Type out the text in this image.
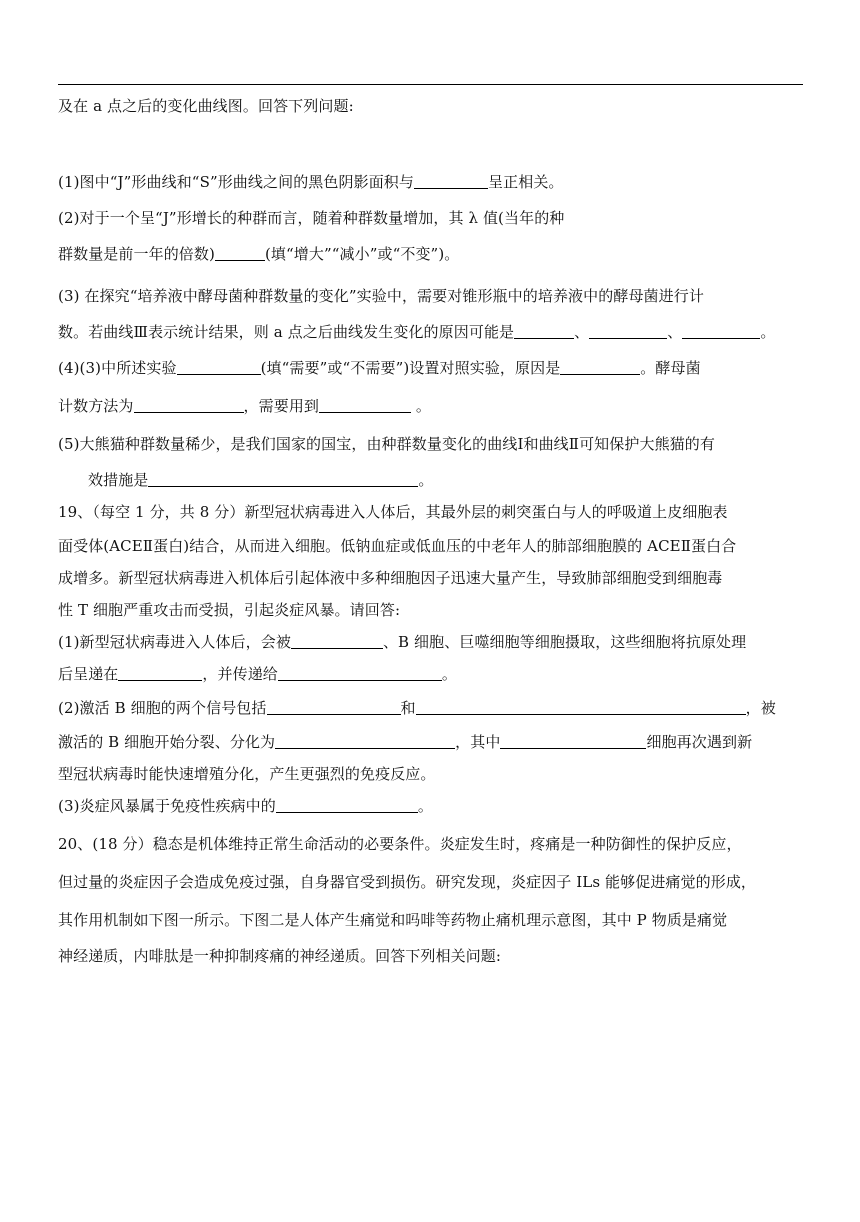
及在 a 点之后的变化曲线图。回答下列问题:
(1)图中“J”形曲线和“S”形曲线之间的黑色阴影面积与	呈正相关。
(2)对于一个呈“J”形增长的种群而言，随着种群数量增加，其 λ 值(当年的种
群数量是前一年的倍数)	(填“增大”“减小”或“不变”)。
(3) 在探究“培养液中酵母菌种群数量的变化”实验中，需要对锥形瓶中的培养液中的酵母菌进行计
数。若曲线Ⅲ表示统计结果，则 a 点之后曲线发生变化的原因可能是	、	、	。
(4)(3)中所述实验	(填“需要”或“不需要”)设置对照实验，原因是	。酵母菌
计数方法为	，需要用到	。
(5)大熊猫种群数量稀少，是我们国家的国宝，由种群数量变化的曲线Ⅰ和曲线Ⅱ可知保护大熊猫的有
效措施是	。
19、（每空 1 分，共 8 分）新型冠状病毒进入人体后，其最外层的刺突蛋白与人的呼吸道上皮细胞表
面受体(ACEⅡ蛋白)结合，从而进入细胞。低钠血症或低血压的中老年人的肺部细胞膜的 ACEⅡ蛋白合
成增多。新型冠状病毒进入机体后引起体液中多种细胞因子迅速大量产生，导致肺部细胞受到细胞毒
性 T 细胞严重攻击而受损，引起炎症风暴。请回答:
(1)新型冠状病毒进入人体后，会被	、B 细胞、巨噬细胞等细胞摄取，这些细胞将抗原处理
后呈递在	，并传递给	。
(2)激活 B 细胞的两个信号包括	和	，被
激活的 B 细胞开始分裂、分化为	，其中	细胞再次遇到新
型冠状病毒时能快速增殖分化，产生更强烈的免疫反应。
(3)炎症风暴属于免疫性疾病中的	。
20、(18 分）稳态是机体维持正常生命活动的必要条件。炎症发生时，疼痛是一种防御性的保护反应，
但过量的炎症因子会造成免疫过强，自身器官受到损伤。研究发现，炎症因子 ILs 能够促进痛觉的形成，
其作用机制如下图一所示。下图二是人体产生痛觉和吗啡等药物止痛机理示意图，其中 P 物质是痛觉
神经递质，内啡肽是一种抑制疼痛的神经递质。回答下列相关问题:
